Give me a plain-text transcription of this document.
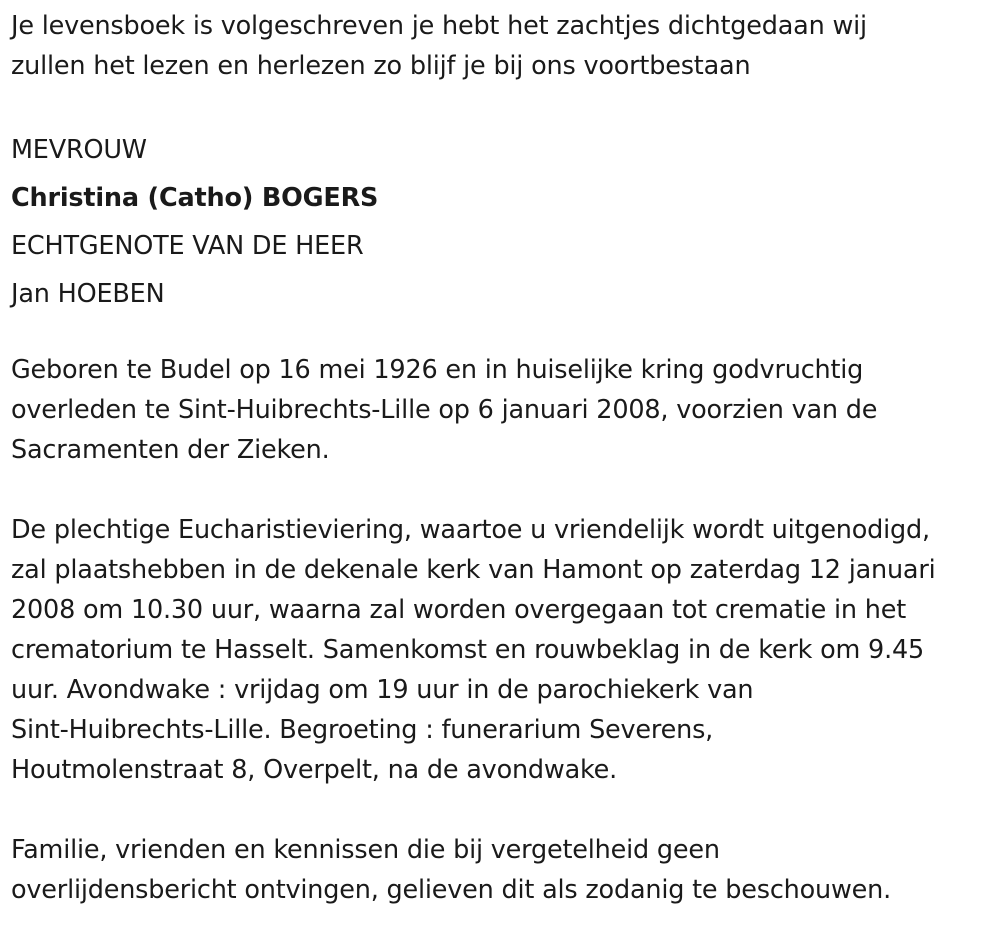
Je levensboek is volgeschreven je hebt het zachtjes dichtgedaan wij
zullen het lezen en herlezen zo blijf je bij ons voortbestaan
MEVROUW
Christina (Catho) BOGERS
ECHTGENOTE VAN DE HEER
Jan HOEBEN
Geboren te Budel op 16 mei 1926 en in huiselijke kring godvruchtig
overleden te Sint-Huibrechts-Lille op 6 januari 2008, voorzien van de
Sacramenten der Zieken.
De plechtige Eucharistieviering, waartoe u vriendelijk wordt uitgenodigd,
zal plaatshebben in de dekenale kerk van Hamont op zaterdag 12 januari
2008 om 10.30 uur, waarna zal worden overgegaan tot crematie in het
crematorium te Hasselt. Samenkomst en rouwbeklag in de kerk om 9.45
uur. Avondwake : vrijdag om 19 uur in de parochiekerk van
Sint-Huibrechts-Lille. Begroeting : funerarium Severens,
Houtmolenstraat 8, Overpelt, na de avondwake.
Familie, vrienden en kennissen die bij vergetelheid geen
overlijdensbericht ontvingen, gelieven dit als zodanig te beschouwen.
